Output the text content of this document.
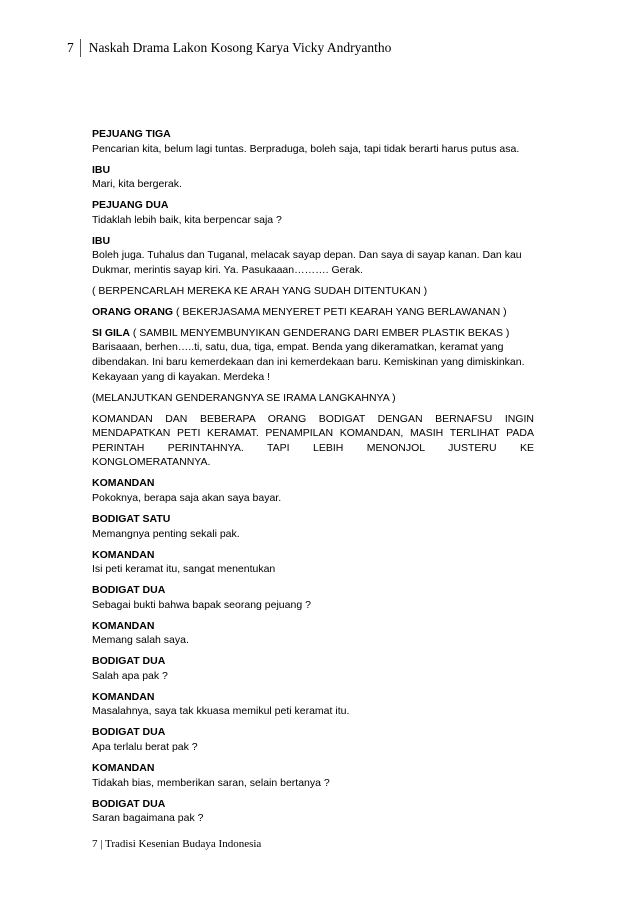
7	Naskah Drama Lakon Kosong Karya Vicky Andryantho
PEJUANG TIGA
Pencarian kita, belum lagi tuntas. Berpraduga, boleh saja, tapi tidak berarti harus putus asa.
IBU
Mari, kita bergerak.
PEJUANG DUA
Tidaklah lebih baik, kita berpencar saja ?
IBU
Boleh juga. Tuhalus dan Tuganal, melacak sayap depan. Dan saya di sayap kanan. Dan kau
Dukmar, merintis sayap kiri. Ya. Pasukaaan………. Gerak.
( BERPENCARLAH MEREKA KE ARAH YANG SUDAH DITENTUKAN )
ORANG ORANG ( BEKERJASAMA MENYERET PETI KEARAH YANG BERLAWANAN )
SI GILA ( SAMBIL MENYEMBUNYIKAN GENDERANG DARI EMBER PLASTIK BEKAS )
Barisaaan, berhen…..ti, satu, dua, tiga, empat. Benda yang dikeramatkan, keramat yang
dibendakan. Ini baru kemerdekaan dan ini kemerdekaan baru. Kemiskinan yang dimiskinkan.
Kekayaan yang di kayakan. Merdeka !
(MELANJUTKAN GENDERANGNYA SE IRAMA LANGKAHNYA )
KOMANDAN DAN BEBERAPA ORANG BODIGAT DENGAN BERNAFSU INGIN
MENDAPATKAN PETI KERAMAT. PENAMPILAN KOMANDAN, MASIH TERLIHAT PADA
PERINTAH PERINTAHNYA. TAPI LEBIH MENONJOL JUSTERU KE
KONGLOMERATANNYA.
KOMANDAN
Pokoknya, berapa saja akan saya bayar.
BODIGAT SATU
Memangnya penting sekali pak.
KOMANDAN
Isi peti keramat itu, sangat menentukan
BODIGAT DUA
Sebagai bukti bahwa bapak seorang pejuang ?
KOMANDAN
Memang salah saya.
BODIGAT DUA
Salah apa pak ?
KOMANDAN
Masalahnya, saya tak kkuasa memikul peti keramat itu.
BODIGAT DUA
Apa terlalu berat pak ?
KOMANDAN
Tidakah bias, memberikan saran, selain bertanya ?
BODIGAT DUA
Saran bagaimana pak ?
7 | Tradisi Kesenian Budaya Indonesia
